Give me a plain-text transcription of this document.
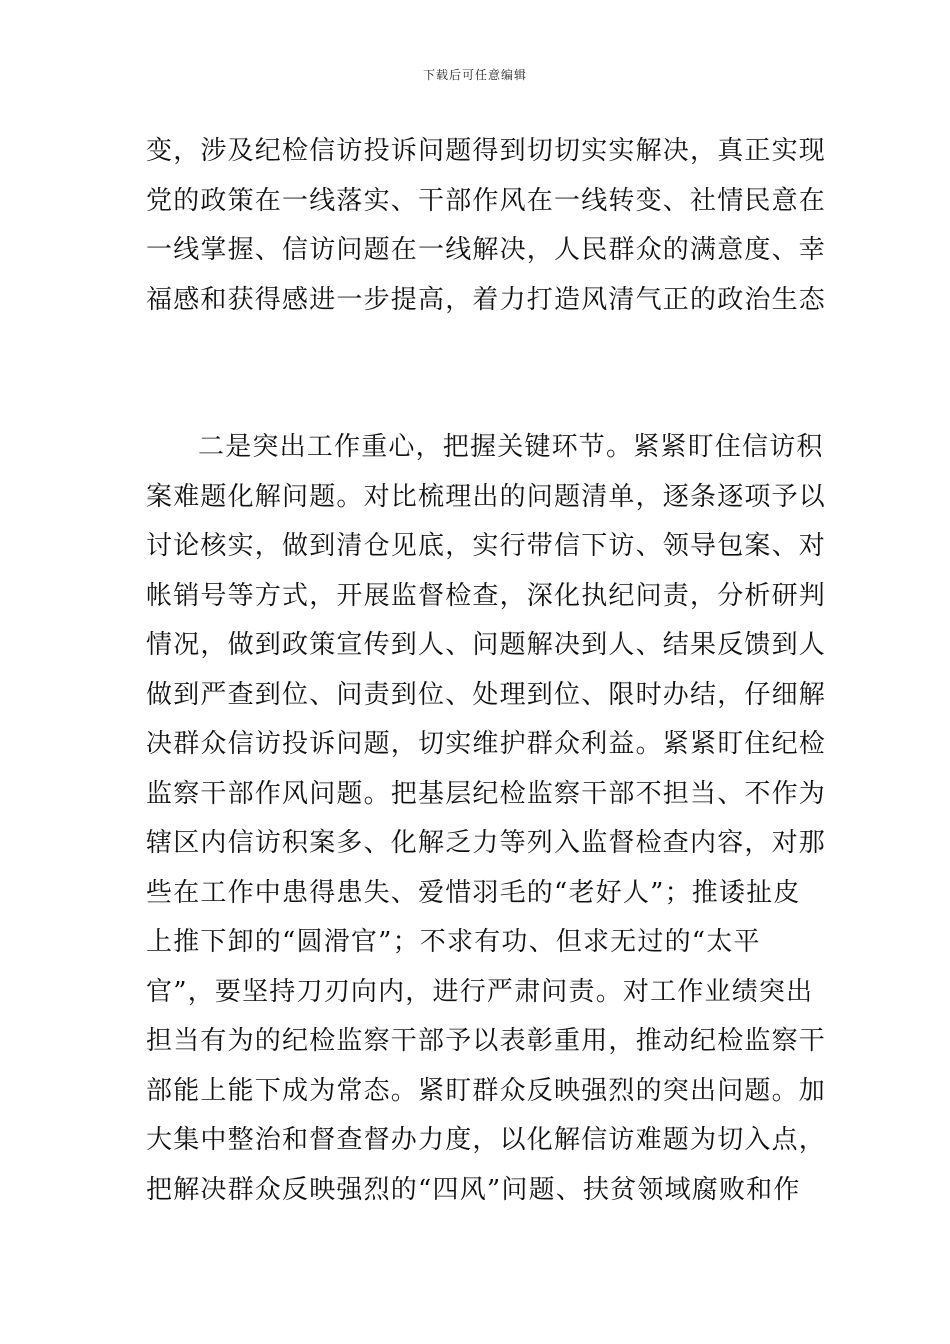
下载后可任意编辑
变，涉及纪检信访投诉问题得到切切实实解决，真正实现
党的政策在一线落实、干部作风在一线转变、社情民意在
一线掌握、信访问题在一线解决，人民群众的满意度、幸
福感和获得感进一步提高，着力打造风清气正的政治生态
二是突出工作重心，把握关键环节。紧紧盯住信访积
案难题化解问题。对比梳理出的问题清单，逐条逐项予以
讨论核实，做到清仓见底，实行带信下访、领导包案、对
帐销号等方式，开展监督检查，深化执纪问责，分析研判
情况，做到政策宣传到人、问题解决到人、结果反馈到人
做到严查到位、问责到位、处理到位、限时办结，仔细解
决群众信访投诉问题，切实维护群众利益。紧紧盯住纪检
监察干部作风问题。把基层纪检监察干部不担当、不作为
辖区内信访积案多、化解乏力等列入监督检查内容，对那
些在工作中患得患失、爱惜羽毛的“老好人”；推诿扯皮
上推下卸的“圆滑官”；不求有功、但求无过的“太平
官”，要坚持刀刃向内，进行严肃问责。对工作业绩突出
担当有为的纪检监察干部予以表彰重用，推动纪检监察干
部能上能下成为常态。紧盯群众反映强烈的突出问题。加
大集中整治和督查督办力度，以化解信访难题为切入点，
把解决群众反映强烈的“四风”问题、扶贫领域腐败和作
